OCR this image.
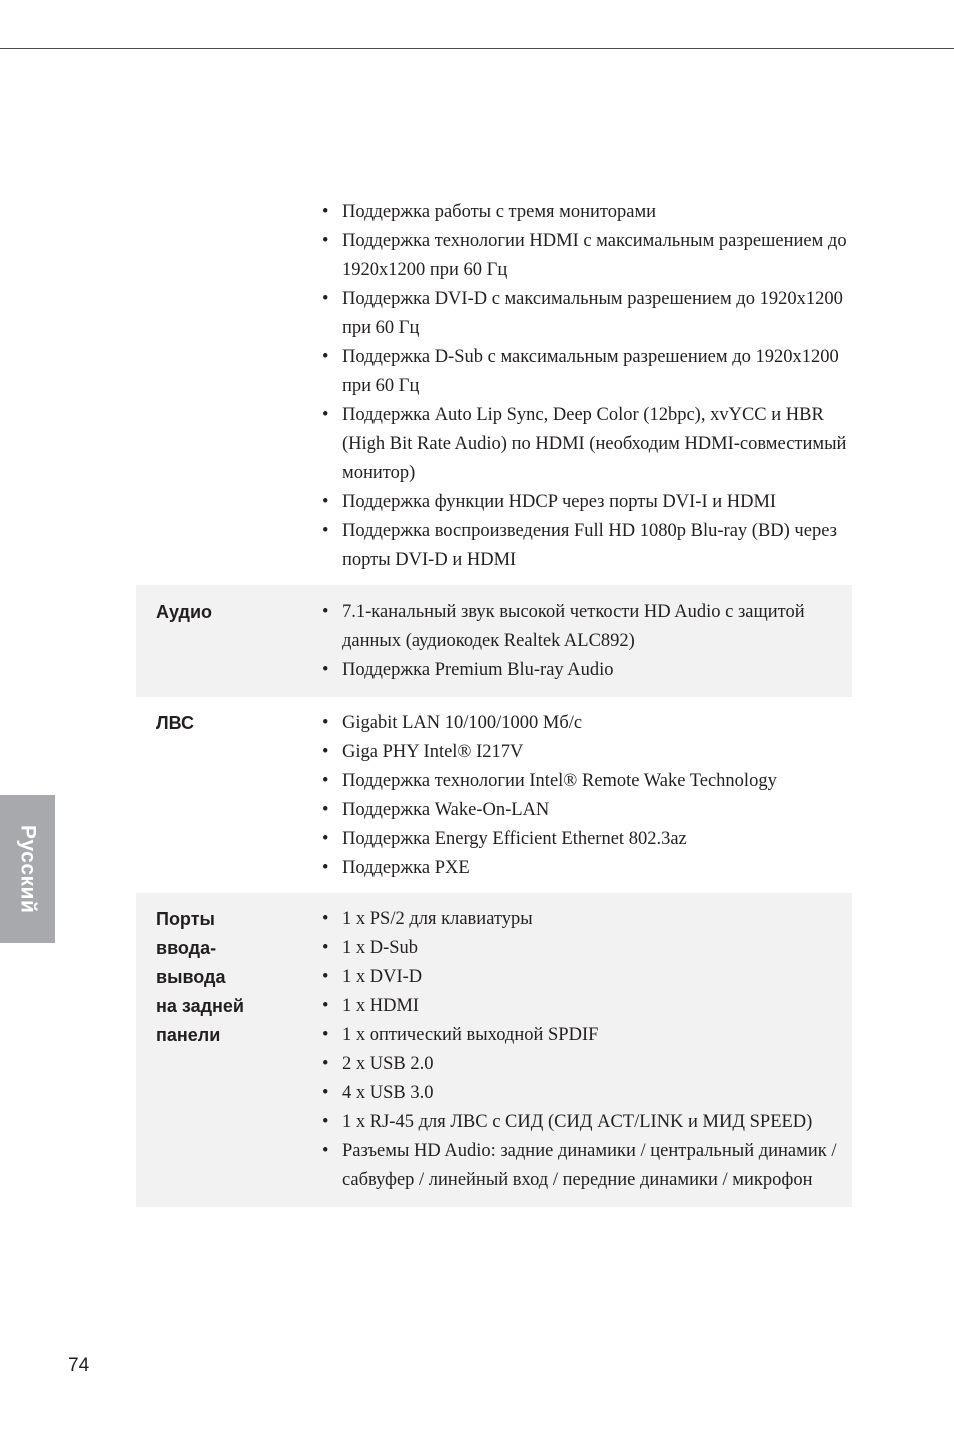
• Поддержка работы с тремя мониторами
• Поддержка технологии HDMI с максимальным разрешением до 1920x1200 при 60 Гц
• Поддержка DVI-D с максимальным разрешением до 1920x1200 при 60 Гц
• Поддержка D-Sub с максимальным разрешением до 1920x1200 при 60 Гц
• Поддержка Auto Lip Sync, Deep Color (12bpc), xvYCC и HBR (High Bit Rate Audio) по HDMI (необходим HDMI-совместимый монитор)
• Поддержка функции HDCP через порты DVI-I и HDMI
• Поддержка воспроизведения Full HD 1080p Blu-ray (BD) через порты DVI-D и HDMI
Аудио	• 7.1-канальный звук высокой четкости HD Audio с защитой данных (аудиокодек Realtek ALC892)
• Поддержка Premium Blu-ray Audio
ЛВС	• Gigabit LAN 10/100/1000 Мб/с
• Giga PHY Intel® I217V
• Поддержка технологии Intel® Remote Wake Technology
• Поддержка Wake-On-LAN
• Поддержка Energy Efficient Ethernet 802.3az
• Поддержка PXE
Порты
ввода-
вывода
на задней
панели
• 1 x PS/2 для клавиатуры
• 1 x D-Sub
• 1 x DVI-D
• 1 x HDMI
• 1 x оптический выходной SPDIF
• 2 x USB 2.0
• 4 x USB 3.0
• 1 x RJ-45 для ЛВС с СИД (СИД ACT/LINK и МИД SPEED)
• Разъемы HD Audio: задние динамики / центральный динамик / сабвуфер / линейный вход / передние динамики / микрофон
Русский
74
